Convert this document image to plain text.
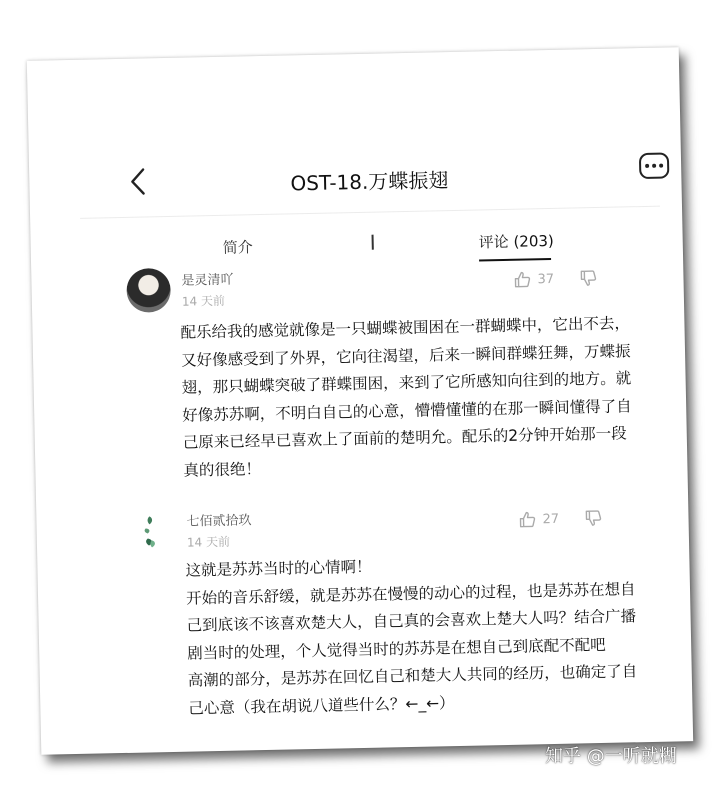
OST-18.万蝶振翅
简介	评论 (203)
是灵清吖
14 天前
37

配乐给我的感觉就像是一只蝴蝶被围困在一群蝴蝶中，它出不去，又好像感受到了外界，它向往渴望，后来一瞬间群蝶狂舞，万蝶振翅，那只蝴蝶突破了群蝶围困，来到了它所感知向往到的地方。就好像苏苏啊，不明白自己的心意，懵懵懂懂的在那一瞬间懂得了自己原来已经早已喜欢上了面前的楚明允。配乐的2分钟开始那一段真的很绝！

七佰贰拾玖
14 天前
27

这就是苏苏当时的心情啊！

开始的音乐舒缓，就是苏苏在慢慢的动心的过程，也是苏苏在想自己到底该不该喜欢楚大人，自己真的会喜欢上楚大人吗？结合广播剧当时的处理，个人觉得当时的苏苏是在想自己到底配不配吧

高潮的部分，是苏苏在回忆自己和楚大人共同的经历，也确定了自己心意（我在胡说八道些什么？←_←）

知乎 @一听就糊
